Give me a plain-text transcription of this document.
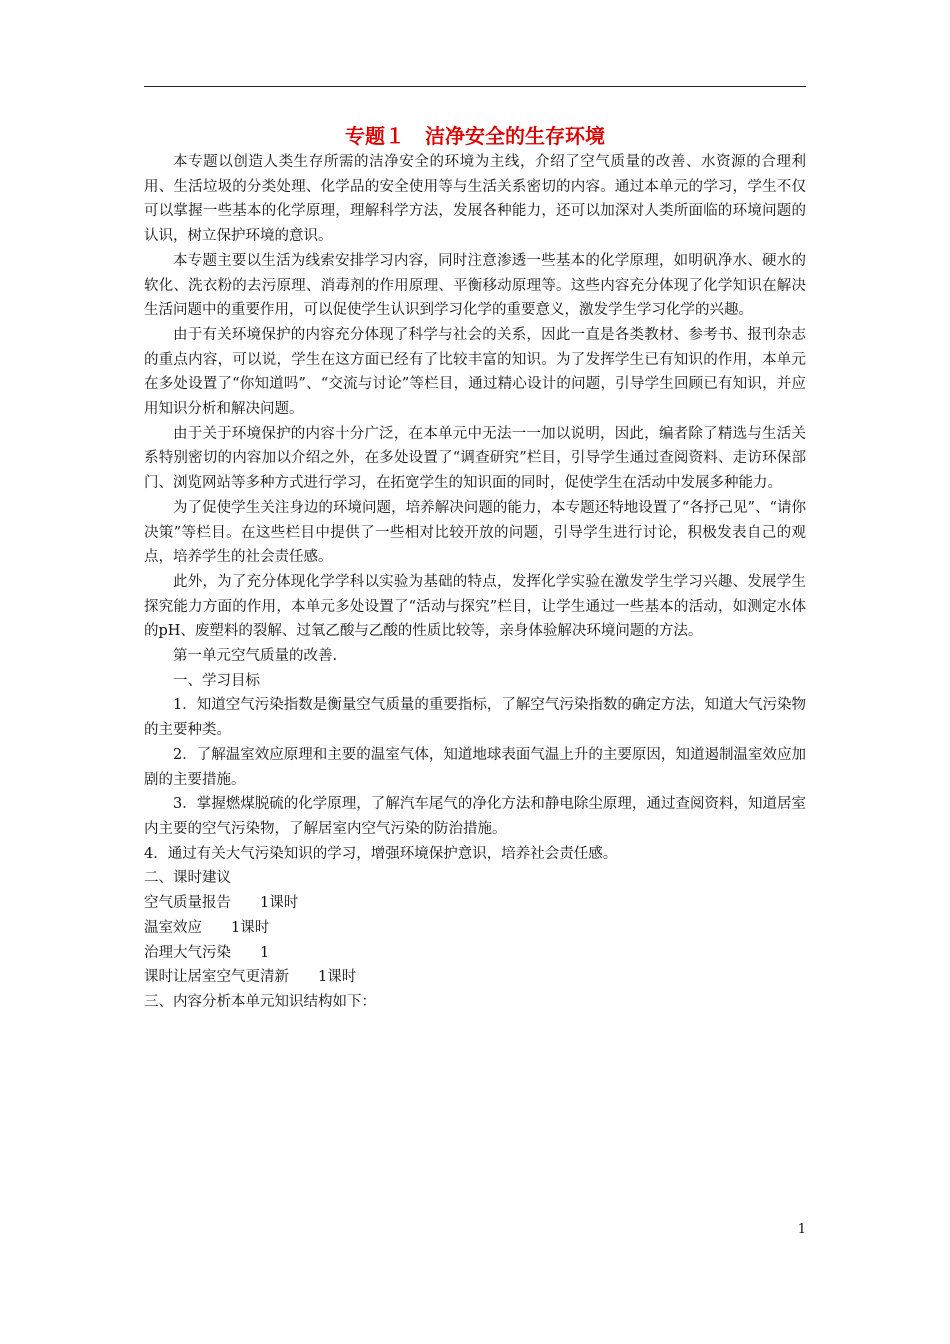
专题１　洁净安全的生存环境

本专题以创造人类生存所需的洁净安全的环境为主线，介绍了空气质量的改善、水资源的合理利用、生活垃圾的分类处理、化学品的安全使用等与生活关系密切的内容。通过本单元的学习，学生不仅可以掌握一些基本的化学原理，理解科学方法，发展各种能力，还可以加深对人类所面临的环境问题的认识，树立保护环境的意识。

本专题主要以生活为线索安排学习内容，同时注意渗透一些基本的化学原理，如明矾净水、硬水的软化、洗衣粉的去污原理、消毒剂的作用原理、平衡移动原理等。这些内容充分体现了化学知识在解决生活问题中的重要作用，可以促使学生认识到学习化学的重要意义，激发学生学习化学的兴趣。

由于有关环境保护的内容充分体现了科学与社会的关系，因此一直是各类教材、参考书、报刊杂志的重点内容，可以说，学生在这方面已经有了比较丰富的知识。为了发挥学生已有知识的作用，本单元在多处设置了“你知道吗”、“交流与讨论”等栏目，通过精心设计的问题，引导学生回顾已有知识，并应用知识分析和解决问题。

由于关于环境保护的内容十分广泛，在本单元中无法一一加以说明，因此，编者除了精选与生活关系特别密切的内容加以介绍之外，在多处设置了“调查研究”栏目，引导学生通过查阅资料、走访环保部门、浏览网站等多种方式进行学习，在拓宽学生的知识面的同时，促使学生在活动中发展多种能力。

为了促使学生关注身边的环境问题，培养解决问题的能力，本专题还特地设置了“各抒己见”、“请你决策”等栏目。在这些栏目中提供了一些相对比较开放的问题，引导学生进行讨论，积极发表自己的观点，培养学生的社会责任感。

此外，为了充分体现化学学科以实验为基础的特点，发挥化学实验在激发学生学习兴趣、发展学生探究能力方面的作用，本单元多处设置了“活动与探究”栏目，让学生通过一些基本的活动，如测定水体的pH、废塑料的裂解、过氧乙酸与乙酸的性质比较等，亲身体验解决环境问题的方法。

第一单元空气质量的改善.

一、学习目标

1．知道空气污染指数是衡量空气质量的重要指标，了解空气污染指数的确定方法，知道大气污染物的主要种类。

2．了解温室效应原理和主要的温室气体，知道地球表面气温上升的主要原因，知道遏制温室效应加剧的主要措施。

3．掌握燃煤脱硫的化学原理，了解汽车尾气的净化方法和静电除尘原理，通过查阅资料，知道居室内主要的空气污染物，了解居室内空气污染的防治措施。

4．通过有关大气污染知识的学习，增强环境保护意识，培养社会责任感。

二、课时建议

空气质量报告　　1课时

温室效应　　1课时

治理大气污染　　1

课时让居室空气更清新　　1课时

三、内容分析本单元知识结构如下：

1
